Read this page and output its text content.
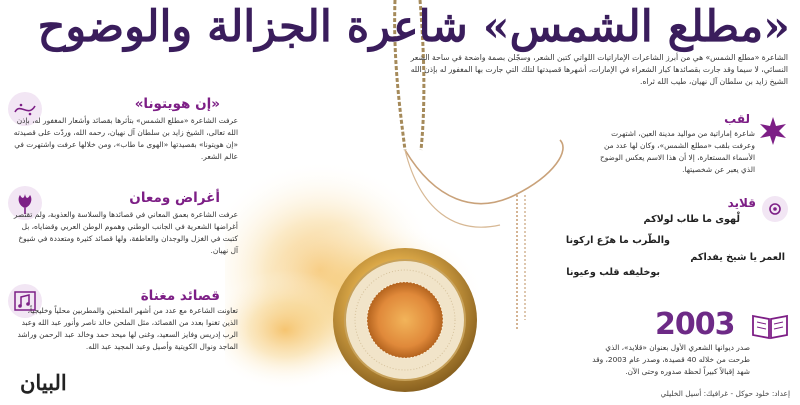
«مطلع الشمس» شاعرة الجزالة والوضوح
الشاعرة «مطلع الشمس» هي من أبرز الشاعرات الإماراتيات اللواتي كتبن الشعر، وسجّلن بصمة واضحة في ساحة الشعر النسائي، لا سيما وقد جارت بقصائدها كبار الشعراء في الإمارات، أشهرها قصيدتها لتلك التي جارت بها المغفور له بإذن الله الشيخ زايد بن سلطان آل نهيان، طيب الله ثراه.
«إن هويتونا»
عرفت الشاعرة «مطلع الشمس» بتأثرها بقصائد وأشعار المغفور له، بإذن الله تعالى، الشيخ زايد بن سلطان آل نهيان، رحمه الله، وردّت على قصيدته «إن هويتونا» بقصيدتها «الهوى ما طاب»، ومن خلالها عرفت واشتهرت في عالم الشعر.
أغراض ومعان
عرفت الشاعرة بعمق المعاني في قصائدها والسلاسة والعذوبة، ولم تقتصر أغراضها الشعرية في الجانب الوطني وهموم الوطن العربي وقضاياه، بل كتبت في الغزل والوجدان والعاطفة، ولها قصائد كثيرة ومتعددة في شيوخ آل نهيان.
قصائد مغناة
تعاونت الشاعرة مع عدد من أشهر الملحنين والمطربين محلياً وخليجياً، الذين تغنوا بعدد من القصائد، مثل الملحن خالد ناصر وأنور عبد الله وعبد الرب إدريس وفايز السعيد، وغنى لها ميحد حمد وخالد عبد الرحمن وراشد الماجد ونوال الكويتية وأصيل وعبد المجيد عبد الله.
لقب
شاعرة إماراتية من مواليد مدينة العين، اشتهرت وعرفت بلقب «مطلع الشمس»، وكان لها عدد من الأسماء المستعارة، إلا أن هذا الاسم يعكس الوضوح الذي يعبر عن شخصيتها.
قلايد
لْهوى ما طاب لولاكم
والطّرب ما هزّع اركونا
العمر يا شيخ يفداكم
بوخليفه قلب وعيونا
2003
صدر ديوانها الشعري الأول بعنوان «قلايد»، الذي طرحت من خلاله 40 قصيدة، وصدر عام 2003، وقد شهد إقبالاً كبيراً لحظة صدوره وحتى الآن.
البيان	إعداد: خلود حوكل - غرافيك: أسيل الخليلي
